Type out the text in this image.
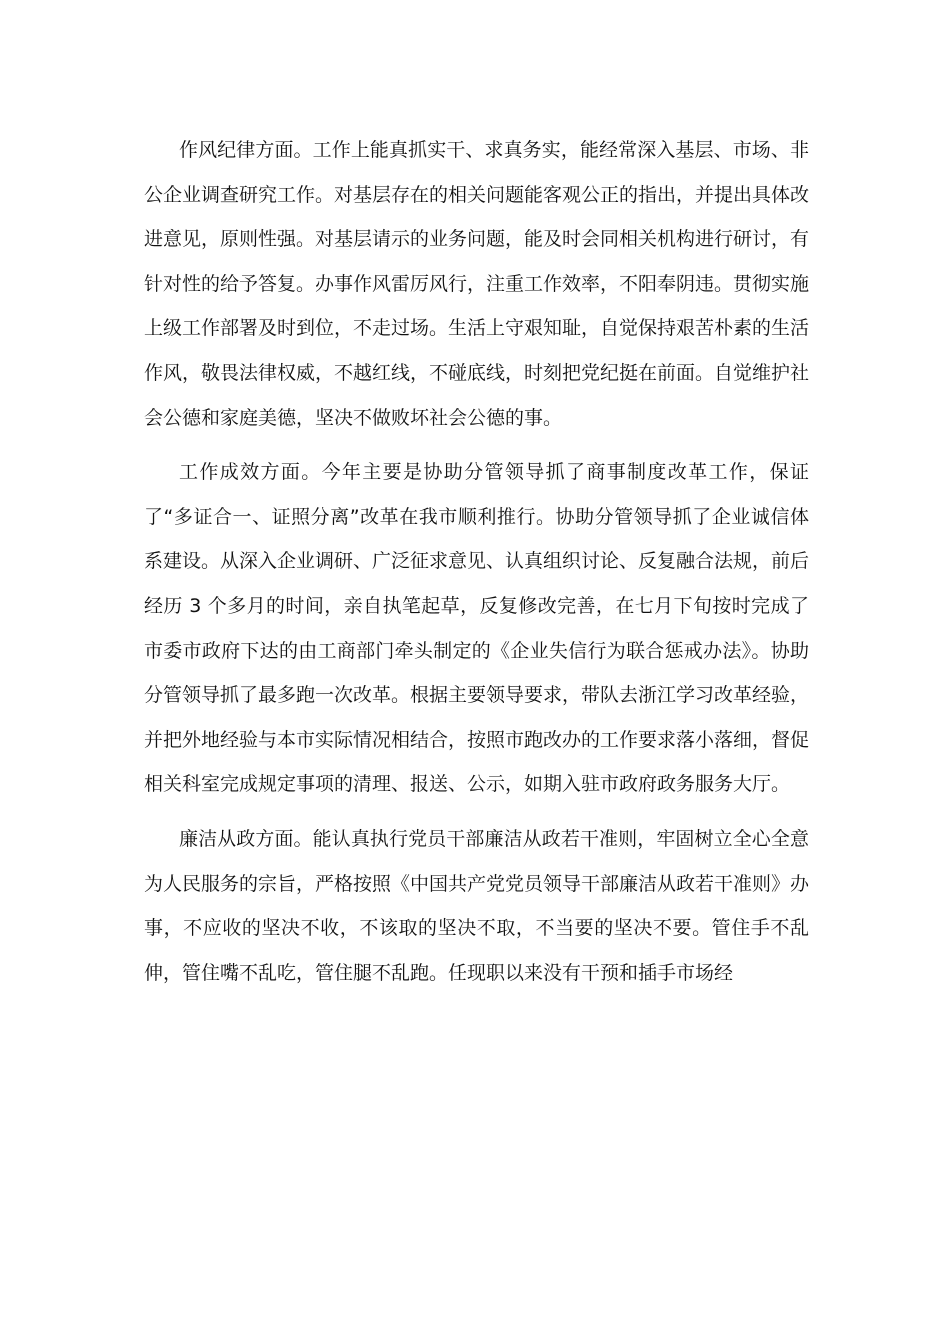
作风纪律方面。工作上能真抓实干、求真务实，能经常深入基层、市场、非公企业调查研究工作。对基层存在的相关问题能客观公正的指出，并提出具体改进意见，原则性强。对基层请示的业务问题，能及时会同相关机构进行研讨，有针对性的给予答复。办事作风雷厉风行，注重工作效率，不阳奉阴违。贯彻实施上级工作部署及时到位，不走过场。生活上守艰知耻，自觉保持艰苦朴素的生活作风，敬畏法律权威，不越红线，不碰底线，时刻把党纪挺在前面。自觉维护社会公德和家庭美德，坚决不做败坏社会公德的事。

工作成效方面。今年主要是协助分管领导抓了商事制度改革工作，保证了“多证合一、证照分离”改革在我市顺利推行。协助分管领导抓了企业诚信体系建设。从深入企业调研、广泛征求意见、认真组织讨论、反复融合法规，前后经历 3 个多月的时间，亲自执笔起草，反复修改完善，在七月下旬按时完成了市委市政府下达的由工商部门牵头制定的《企业失信行为联合惩戒办法》。协助分管领导抓了最多跑一次改革。根据主要领导要求，带队去浙江学习改革经验，并把外地经验与本市实际情况相结合，按照市跑改办的工作要求落小落细，督促相关科室完成规定事项的清理、报送、公示，如期入驻市政府政务服务大厅。

廉洁从政方面。能认真执行党员干部廉洁从政若干准则，牢固树立全心全意为人民服务的宗旨，严格按照《中国共产党党员领导干部廉洁从政若干准则》办事，不应收的坚决不收，不该取的坚决不取，不当要的坚决不要。管住手不乱伸，管住嘴不乱吃，管住腿不乱跑。任现职以来没有干预和插手市场经
